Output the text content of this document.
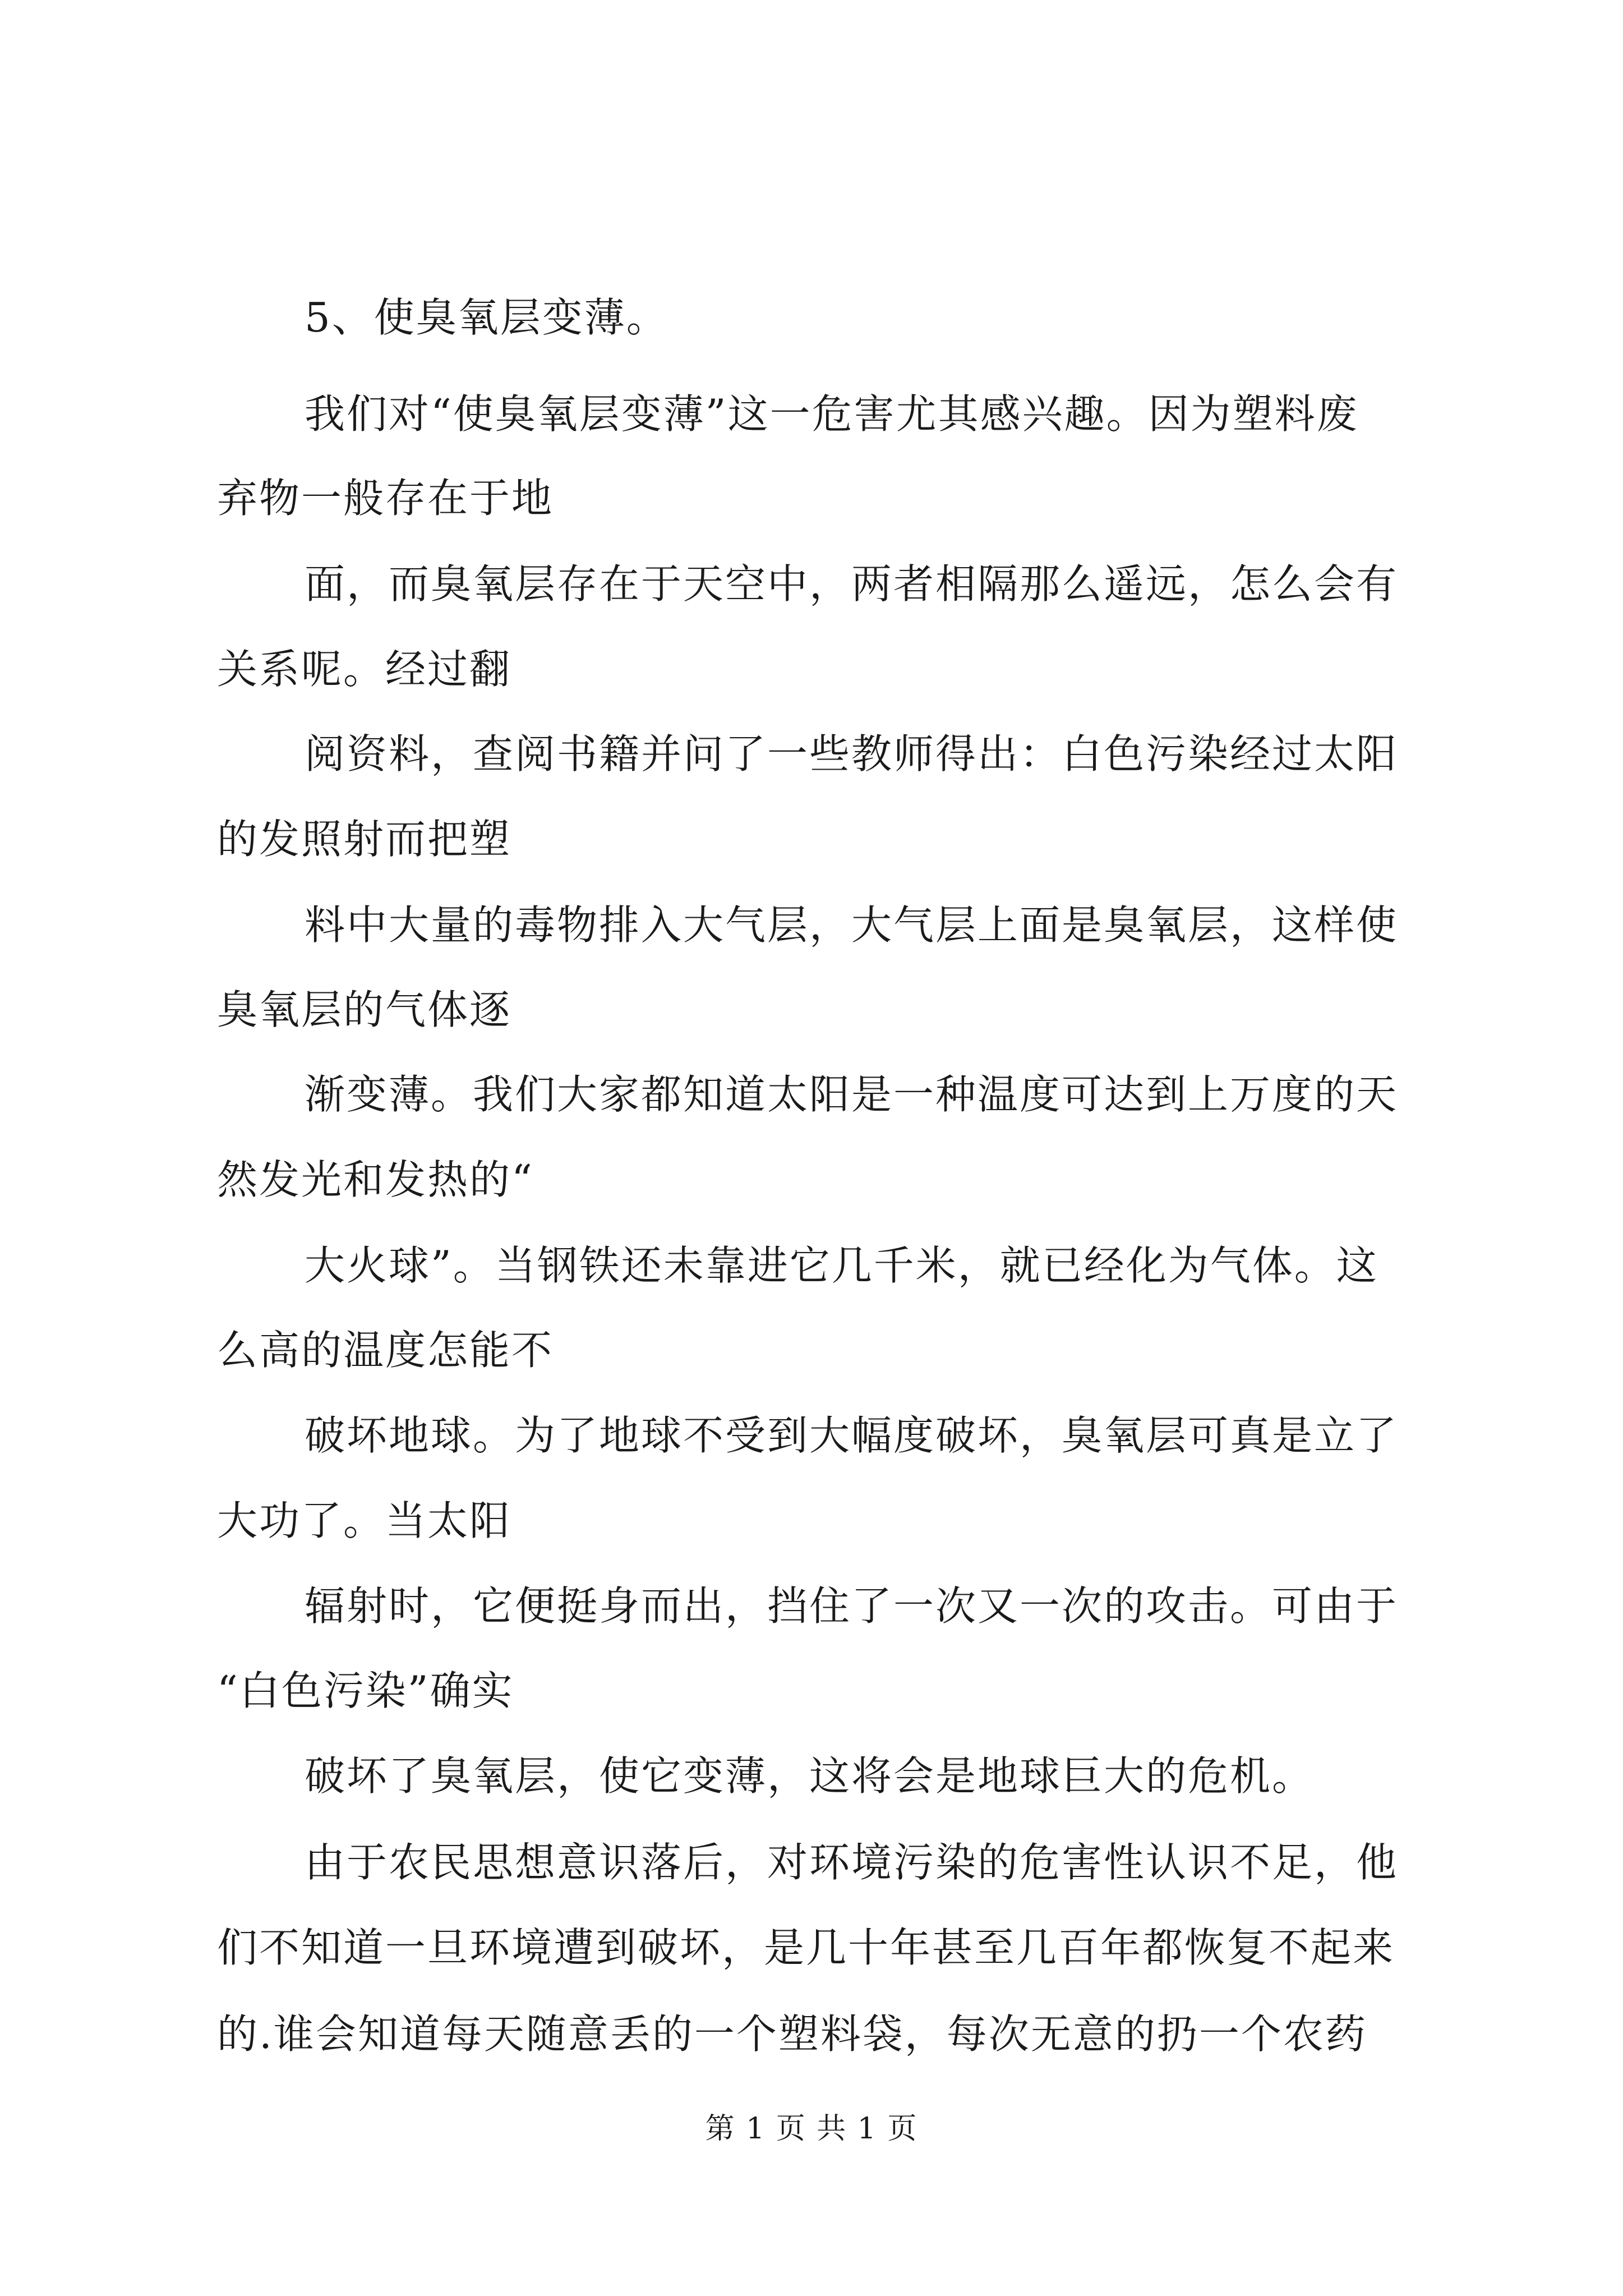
5、使臭氧层变薄。
我们对“使臭氧层变薄”这一危害尤其感兴趣。因为塑料废
弃物一般存在于地
面，而臭氧层存在于天空中，两者相隔那么遥远，怎么会有
关系呢。经过翻
阅资料，查阅书籍并问了一些教师得出：白色污染经过太阳
的发照射而把塑
料中大量的毒物排入大气层，大气层上面是臭氧层，这样使
臭氧层的气体逐
渐变薄。我们大家都知道太阳是一种温度可达到上万度的天
然发光和发热的“
大火球”。当钢铁还未靠进它几千米，就已经化为气体。这
么高的温度怎能不
破坏地球。为了地球不受到大幅度破坏，臭氧层可真是立了
大功了。当太阳
辐射时，它便挺身而出，挡住了一次又一次的攻击。可由于
“白色污染”确实
破坏了臭氧层，使它变薄，这将会是地球巨大的危机。
由于农民思想意识落后，对环境污染的危害性认识不足，他
们不知道一旦环境遭到破坏，是几十年甚至几百年都恢复不起来
的.谁会知道每天随意丢的一个塑料袋，每次无意的扔一个农药
第 1 页 共 1 页
